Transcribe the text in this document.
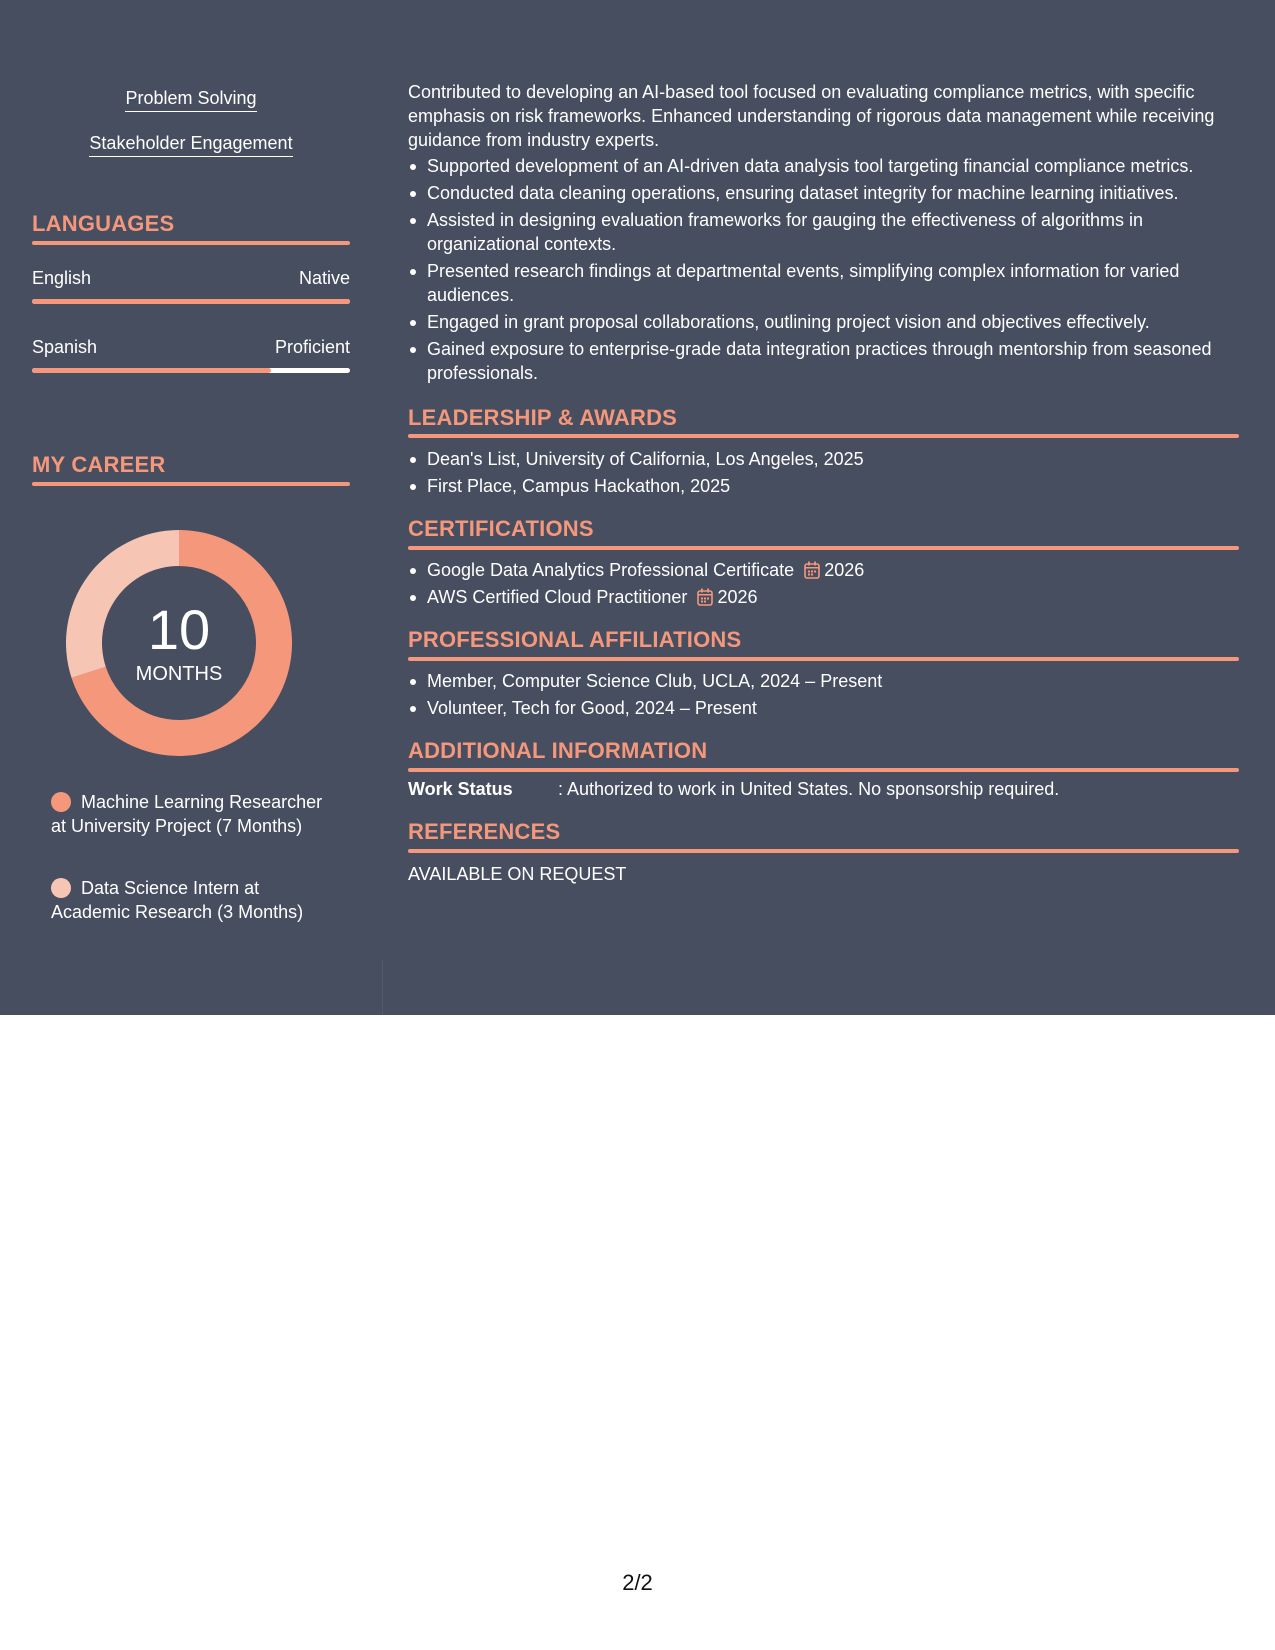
Problem Solving
Stakeholder Engagement
LANGUAGES
English	Native
Spanish	Proficient
MY CAREER
10
MONTHS
Machine Learning Researcher at University Project (7 Months)
Data Science Intern at Academic Research (3 Months)
Contributed to developing an AI-based tool focused on evaluating compliance metrics, with specific emphasis on risk frameworks. Enhanced understanding of rigorous data management while receiving guidance from industry experts.
Supported development of an AI-driven data analysis tool targeting financial compliance metrics.
Conducted data cleaning operations, ensuring dataset integrity for machine learning initiatives.
Assisted in designing evaluation frameworks for gauging the effectiveness of algorithms in organizational contexts.
Presented research findings at departmental events, simplifying complex information for varied audiences.
Engaged in grant proposal collaborations, outlining project vision and objectives effectively.
Gained exposure to enterprise-grade data integration practices through mentorship from seasoned professionals.
LEADERSHIP & AWARDS
Dean's List, University of California, Los Angeles, 2025
First Place, Campus Hackathon, 2025
CERTIFICATIONS
Google Data Analytics Professional Certificate 2026
AWS Certified Cloud Practitioner 2026
PROFESSIONAL AFFILIATIONS
Member, Computer Science Club, UCLA, 2024 – Present
Volunteer, Tech for Good, 2024 – Present
ADDITIONAL INFORMATION
Work Status	: Authorized to work in United States. No sponsorship required.
REFERENCES
AVAILABLE ON REQUEST
2/2
